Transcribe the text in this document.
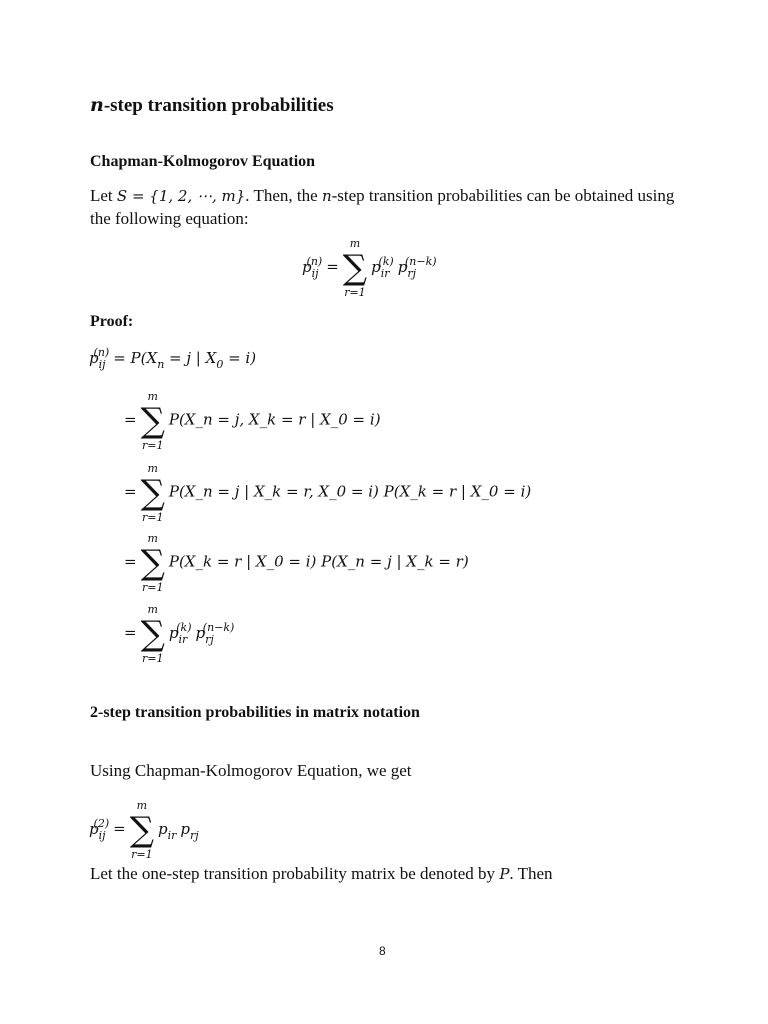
n-step transition probabilities
Chapman-Kolmogorov Equation
Let S = {1, 2, ⋯, m}. Then, the n-step transition probabilities can be obtained using
the following equation:
$p_{ij}^{(n)}$ =
m
∑
r=1
$p_{ir}^{(k)}$ $p_{rj}^{(n-k)}$
Proof:
$p_{ij}^{(n)} = P(X_n = j$ | $X_0 = i$)
=
m
∑
r=1
P(X_n = j, X_k = r | X_0 = i)
=
m
∑
r=1
P(X_n = j | X_k = r, X_0 = i) P(X_k = r | X_0 = i)
=
m
∑
r=1
P(X_k = r | X_0 = i) P(X_n = j | X_k = r)
=
m
∑
r=1
$p_{ir}^{(k)}$ $p_{rj}^{(n-k)}$
2-step transition probabilities in matrix notation
Using Chapman-Kolmogorov Equation, we get
$p_{ij}^{(2)}$ =
m
∑
r=1
$p_{ir}$ $p_{rj}$
Let the one-step transition probability matrix be denoted by P. Then
8
